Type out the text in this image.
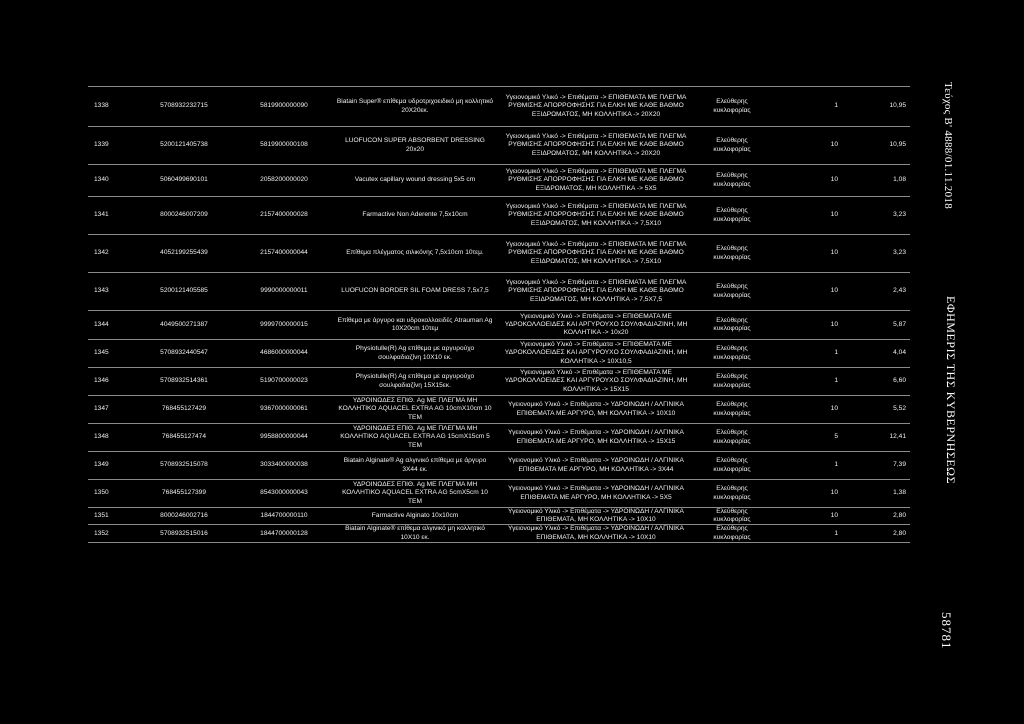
1338	5708932232715	5819900000090	Biatain Super® επίθεμα υδροτριχοειδικό μη κολλητικό 20Χ20εκ.	Υγειονομικό Υλικό -> Επιθέματα -> ΕΠΙΘΕΜΑΤΑ ΜΕ ΠΛΕΓΜΑ ΡΥΘΜΙΣΗΣ ΑΠΟΡΡΟΦΗΣΗΣ ΓΙΑ ΕΛΚΗ ΜΕ ΚΑΘΕ ΒΑΘΜΟ ΕΞΙΔΡΩΜΑΤΟΣ, ΜΗ ΚΟΛΛΗΤΙΚΑ -> 20X20	Ελεύθερης κυκλοφορίας	1	10,95
1339	5200121405738	5819900000108	LUOFUCON SUPER ABSORBENT DRESSING 20x20	Υγειονομικό Υλικό -> Επιθέματα -> ΕΠΙΘΕΜΑΤΑ ΜΕ ΠΛΕΓΜΑ ΡΥΘΜΙΣΗΣ ΑΠΟΡΡΟΦΗΣΗΣ ΓΙΑ ΕΛΚΗ ΜΕ ΚΑΘΕ ΒΑΘΜΟ ΕΞΙΔΡΩΜΑΤΟΣ, ΜΗ ΚΟΛΛΗΤΙΚΑ -> 20X20	Ελεύθερης κυκλοφορίας	10	10,95
1340	5060499690101	2058200000020	Vacutex capillary wound dressing 5x5 cm	Υγειονομικό Υλικό -> Επιθέματα -> ΕΠΙΘΕΜΑΤΑ ΜΕ ΠΛΕΓΜΑ ΡΥΘΜΙΣΗΣ ΑΠΟΡΡΟΦΗΣΗΣ ΓΙΑ ΕΛΚΗ ΜΕ ΚΑΘΕ ΒΑΘΜΟ ΕΞΙΔΡΩΜΑΤΟΣ, ΜΗ ΚΟΛΛΗΤΙΚΑ -> 5X5	Ελεύθερης κυκλοφορίας	10	1,08
1341	8000246007209	2157400000028	Farmactive Non Aderente 7,5x10cm	Υγειονομικό Υλικό -> Επιθέματα -> ΕΠΙΘΕΜΑΤΑ ΜΕ ΠΛΕΓΜΑ ΡΥΘΜΙΣΗΣ ΑΠΟΡΡΟΦΗΣΗΣ ΓΙΑ ΕΛΚΗ ΜΕ ΚΑΘΕ ΒΑΘΜΟ ΕΞΙΔΡΩΜΑΤΟΣ, ΜΗ ΚΟΛΛΗΤΙΚΑ -> 7,5X10	Ελεύθερης κυκλοφορίας	10	3,23
1342	4052199255439	2157400000044	Επίθεμα πλέγματος σιλικόνης 7,5x10cm 10τεμ.	Υγειονομικό Υλικό -> Επιθέματα -> ΕΠΙΘΕΜΑΤΑ ΜΕ ΠΛΕΓΜΑ ΡΥΘΜΙΣΗΣ ΑΠΟΡΡΟΦΗΣΗΣ ΓΙΑ ΕΛΚΗ ΜΕ ΚΑΘΕ ΒΑΘΜΟ ΕΞΙΔΡΩΜΑΤΟΣ, ΜΗ ΚΟΛΛΗΤΙΚΑ -> 7,5X10	Ελεύθερης κυκλοφορίας	10	3,23
1343	5200121405585	9990000000011	LUOFUCON BORDER SIL FOAM DRESS 7,5x7,5	Υγειονομικό Υλικό -> Επιθέματα -> ΕΠΙΘΕΜΑΤΑ ΜΕ ΠΛΕΓΜΑ ΡΥΘΜΙΣΗΣ ΑΠΟΡΡΟΦΗΣΗΣ ΓΙΑ ΕΛΚΗ ΜΕ ΚΑΘΕ ΒΑΘΜΟ ΕΞΙΔΡΩΜΑΤΟΣ, ΜΗ ΚΟΛΛΗΤΙΚΑ -> 7,5X7,5	Ελεύθερης κυκλοφορίας	10	2,43
1344	4049500271387	9999700000015	Επίθεμα με άργυρο και υδροκολλοειδές Atrauman Ag 10X20cm 10τεμ	Υγειονομικό Υλικό -> Επιθέματα -> ΕΠΙΘΕΜΑΤΑ ΜΕ ΥΔΡΟΚΟΛΛΟΕΙΔΕΣ ΚΑΙ ΑΡΓΥΡΟΥΧΟ ΣΟΥΛΦΑΔΙΑΖΙΝΗ, ΜΗ ΚΟΛΛΗΤΙΚΑ -> 10x20	Ελεύθερης κυκλοφορίας	10	5,87
1345	5708932440547	4686000000044	Physiotulle(R) Ag επίθεμα με αργυρούχο σουλφαδιαζίνη 10Χ10 εκ.	Υγειονομικό Υλικό -> Επιθέματα -> ΕΠΙΘΕΜΑΤΑ ΜΕ ΥΔΡΟΚΟΛΛΟΕΙΔΕΣ ΚΑΙ ΑΡΓΥΡΟΥΧΟ ΣΟΥΛΦΑΔΙΑΖΙΝΗ, ΜΗ ΚΟΛΛΗΤΙΚΑ -> 10X10,5	Ελεύθερης κυκλοφορίας	1	4,04
1346	5708932514361	5190700000023	Physiotulle(R) Ag επίθεμα με αργυρούχο σουλφαδιαζίνη 15Χ15εκ.	Υγειονομικό Υλικό -> Επιθέματα -> ΕΠΙΘΕΜΑΤΑ ΜΕ ΥΔΡΟΚΟΛΛΟΕΙΔΕΣ ΚΑΙ ΑΡΓΥΡΟΥΧΟ ΣΟΥΛΦΑΔΙΑΖΙΝΗ, ΜΗ ΚΟΛΛΗΤΙΚΑ -> 15X15	Ελεύθερης κυκλοφορίας	1	6,60
1347	768455127429	9367000000061	ΥΔΡΟΙΝΩΔΕΣ ΕΠΙΘ. Ag ΜΕ ΠΛΕΓΜΑ ΜΗ ΚΟΛΛΗΤΙΚΟ AQUACEL EXTRA AG 10cmX10cm 10 ΤΕΜ	Υγειονομικό Υλικό -> Επιθέματα -> ΥΔΡΟΙΝΩΔΗ / ΑΛΓΙΝΙΚΑ ΕΠΙΘΕΜΑΤΑ ΜΕ ΑΡΓΥΡΟ, ΜΗ ΚΟΛΛΗΤΙΚΑ -> 10X10	Ελεύθερης κυκλοφορίας	10	5,52
1348	768455127474	9958800000044	ΥΔΡΟΙΝΩΔΕΣ ΕΠΙΘ. Ag ΜΕ ΠΛΕΓΜΑ ΜΗ ΚΟΛΛΗΤΙΚΟ AQUACEL EXTRA AG 15cmX15cm 5 ΤΕΜ	Υγειονομικό Υλικό -> Επιθέματα -> ΥΔΡΟΙΝΩΔΗ / ΑΛΓΙΝΙΚΑ ΕΠΙΘΕΜΑΤΑ ΜΕ ΑΡΓΥΡΟ, ΜΗ ΚΟΛΛΗΤΙΚΑ -> 15X15	Ελεύθερης κυκλοφορίας	5	12,41
1349	5708932515078	3033400000038	Biatain Alginate® Ag αλγινικό επίθεμα με άργυρο 3Χ44 εκ.	Υγειονομικό Υλικό -> Επιθέματα -> ΥΔΡΟΙΝΩΔΗ / ΑΛΓΙΝΙΚΑ ΕΠΙΘΕΜΑΤΑ ΜΕ ΑΡΓΥΡΟ, ΜΗ ΚΟΛΛΗΤΙΚΑ -> 3X44	Ελεύθερης κυκλοφορίας	1	7,39
1350	768455127399	8543000000043	ΥΔΡΟΙΝΩΔΕΣ ΕΠΙΘ. Ag ΜΕ ΠΛΕΓΜΑ ΜΗ ΚΟΛΛΗΤΙΚΟ AQUACEL EXTRA AG 5cmX5cm 10 ΤΕΜ	Υγειονομικό Υλικό -> Επιθέματα -> ΥΔΡΟΙΝΩΔΗ / ΑΛΓΙΝΙΚΑ ΕΠΙΘΕΜΑΤΑ ΜΕ ΑΡΓΥΡΟ, ΜΗ ΚΟΛΛΗΤΙΚΑ -> 5X5	Ελεύθερης κυκλοφορίας	10	1,38
1351	8000246002716	1844700000110	Farmactive Alginato 10x10cm	Υγειονομικό Υλικό -> Επιθέματα -> ΥΔΡΟΙΝΩΔΗ / ΑΛΓΙΝΙΚΑ ΕΠΙΘΕΜΑΤΑ, ΜΗ ΚΟΛΛΗΤΙΚΑ -> 10X10	Ελεύθερης κυκλοφορίας	10	2,80
1352	5708932515016	1844700000128	Biatain Alginate® επίθεμα αλγινικό μη κολλητικό 10Χ10 εκ.	Υγειονομικό Υλικό -> Επιθέματα -> ΥΔΡΟΙΝΩΔΗ / ΑΛΓΙΝΙΚΑ ΕΠΙΘΕΜΑΤΑ, ΜΗ ΚΟΛΛΗΤΙΚΑ -> 10X10	Ελεύθερης κυκλοφορίας	1	2,80
Τεύχος Β' 4888/01.11.2018
ΕΦΗΜΕΡΙΣ ΤΗΣ ΚΥΒΕΡΝΗΣΕΩΣ
58781
